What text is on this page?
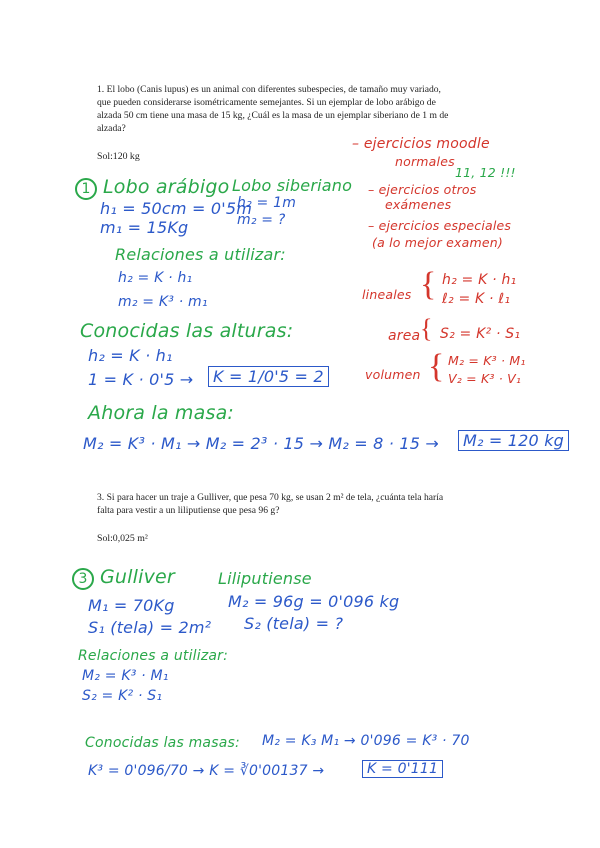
1. El lobo (Canis lupus) es un animal con diferentes subespecies, de tamaño muy variado,
que pueden considerarse isométricamente semejantes. Si un ejemplar de lobo arábigo de
alzada 50 cm tiene una masa de 15 kg, ¿Cuál es la masa de un ejemplar siberiano de 1 m de
alzada?
Sol:120 kg
– ejercicios moodle
normales
11, 12 !!!
– ejercicios otros
exámenes
– ejercicios especiales
(a lo mejor examen)
lineales { h₂ = K · h₁
ℓ₂ = K · ℓ₁
area { S₂ = K² · S₁
volumen { M₂ = K³ · M₁
V₂ = K³ · V₁
1 Lobo arábigo
h₁ = 50cm = 0'5m
m₁ = 15Kg
Lobo siberiano
h₂ = 1m
m₂ = ?
Relaciones a utilizar:
h₂ = K · h₁
m₂ = K³ · m₁
Conocidas las alturas:
h₂ = K · h₁
1 = K · 0'5 →	K = 1/0'5 = 2
Ahora la masa:
M₂ = K³ · M₁ → M₂ = 2³ · 15 → M₂ = 8 · 15 →	M₂ = 120 kg
3. Si para hacer un traje a Gulliver, que pesa 70 kg, se usan 2 m² de tela, ¿cuánta tela haría
falta para vestir a un liliputiense que pesa 96 g?
Sol:0,025 m²
3 Gulliver	Liliputiense
M₁ = 70Kg
S₁ (tela) = 2m²
M₂ = 96g = 0'096 kg
S₂ (tela) = ?
Relaciones a utilizar:
M₂ = K³ · M₁
S₂ = K² · S₁
Conocidas las masas: M₂ = K₃ M₁ → 0'096 = K³ · 70
K³ = 0'096/70 → K = ∛0'00137 →	K = 0'111
